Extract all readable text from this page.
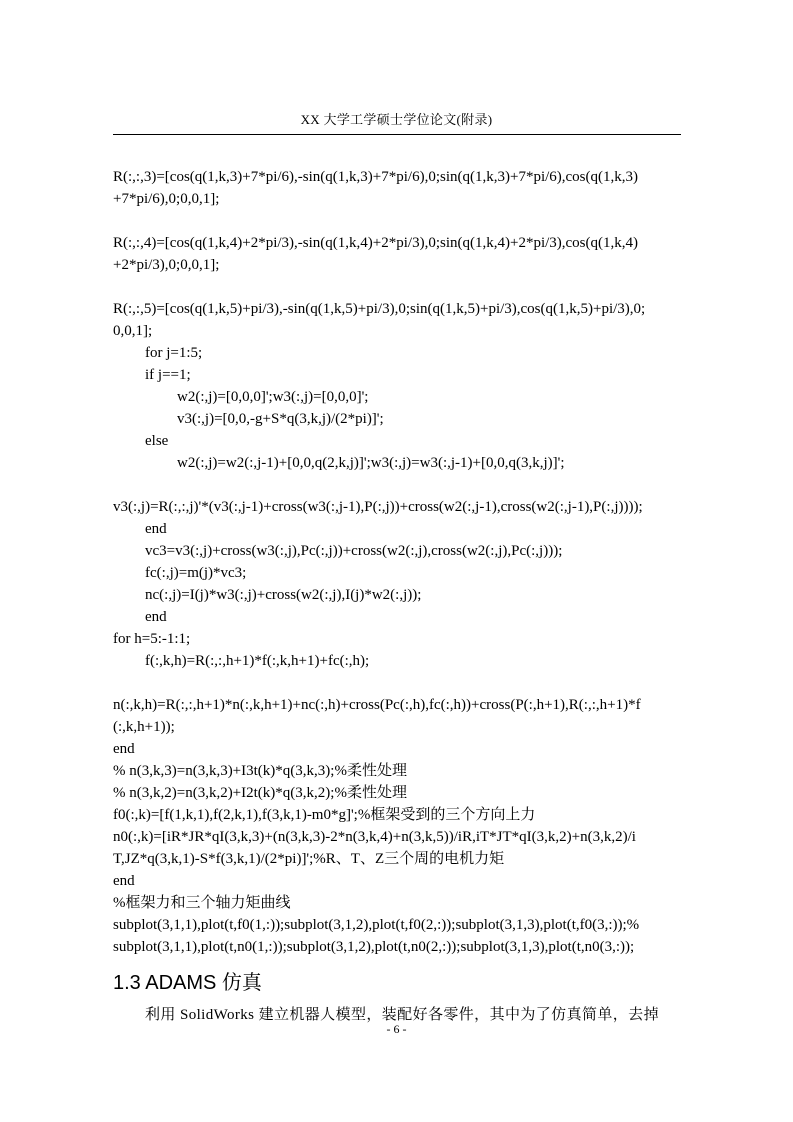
XX 大学工学硕士学位论文(附录)
R(:,:,3)=[cos(q(1,k,3)+7*pi/6),-sin(q(1,k,3)+7*pi/6),0;sin(q(1,k,3)+7*pi/6),cos(q(1,k,3)
+7*pi/6),0;0,0,1];
R(:,:,4)=[cos(q(1,k,4)+2*pi/3),-sin(q(1,k,4)+2*pi/3),0;sin(q(1,k,4)+2*pi/3),cos(q(1,k,4)
+2*pi/3),0;0,0,1];
R(:,:,5)=[cos(q(1,k,5)+pi/3),-sin(q(1,k,5)+pi/3),0;sin(q(1,k,5)+pi/3),cos(q(1,k,5)+pi/3),0;
0,0,1];
for j=1:5;
if j==1;
w2(:,j)=[0,0,0]';w3(:,j)=[0,0,0]';
v3(:,j)=[0,0,-g+S*q(3,k,j)/(2*pi)]';
else
w2(:,j)=w2(:,j-1)+[0,0,q(2,k,j)]';w3(:,j)=w3(:,j-1)+[0,0,q(3,k,j)]';
v3(:,j)=R(:,:,j)'*(v3(:,j-1)+cross(w3(:,j-1),P(:,j))+cross(w2(:,j-1),cross(w2(:,j-1),P(:,j))));
end
vc3=v3(:,j)+cross(w3(:,j),Pc(:,j))+cross(w2(:,j),cross(w2(:,j),Pc(:,j)));
fc(:,j)=m(j)*vc3;
nc(:,j)=I(j)*w3(:,j)+cross(w2(:,j),I(j)*w2(:,j));
end
for h=5:-1:1;
f(:,k,h)=R(:,:,h+1)*f(:,k,h+1)+fc(:,h);
n(:,k,h)=R(:,:,h+1)*n(:,k,h+1)+nc(:,h)+cross(Pc(:,h),fc(:,h))+cross(P(:,h+1),R(:,:,h+1)*f
(:,k,h+1));
end
% n(3,k,3)=n(3,k,3)+I3t(k)*q(3,k,3);%柔性处理
% n(3,k,2)=n(3,k,2)+I2t(k)*q(3,k,2);%柔性处理
f0(:,k)=[f(1,k,1),f(2,k,1),f(3,k,1)-m0*g]';%框架受到的三个方向上力
n0(:,k)=[iR*JR*qI(3,k,3)+(n(3,k,3)-2*n(3,k,4)+n(3,k,5))/iR,iT*JT*qI(3,k,2)+n(3,k,2)/i
T,JZ*q(3,k,1)-S*f(3,k,1)/(2*pi)]';%R、T、Z三个周的电机力矩
end
%框架力和三个轴力矩曲线
subplot(3,1,1),plot(t,f0(1,:));subplot(3,1,2),plot(t,f0(2,:));subplot(3,1,3),plot(t,f0(3,:));%
subplot(3,1,1),plot(t,n0(1,:));subplot(3,1,2),plot(t,n0(2,:));subplot(3,1,3),plot(t,n0(3,:));
1.3 ADAMS 仿真
利用 SolidWorks 建立机器人模型，装配好各零件，其中为了仿真简单，去掉
- 6 -
